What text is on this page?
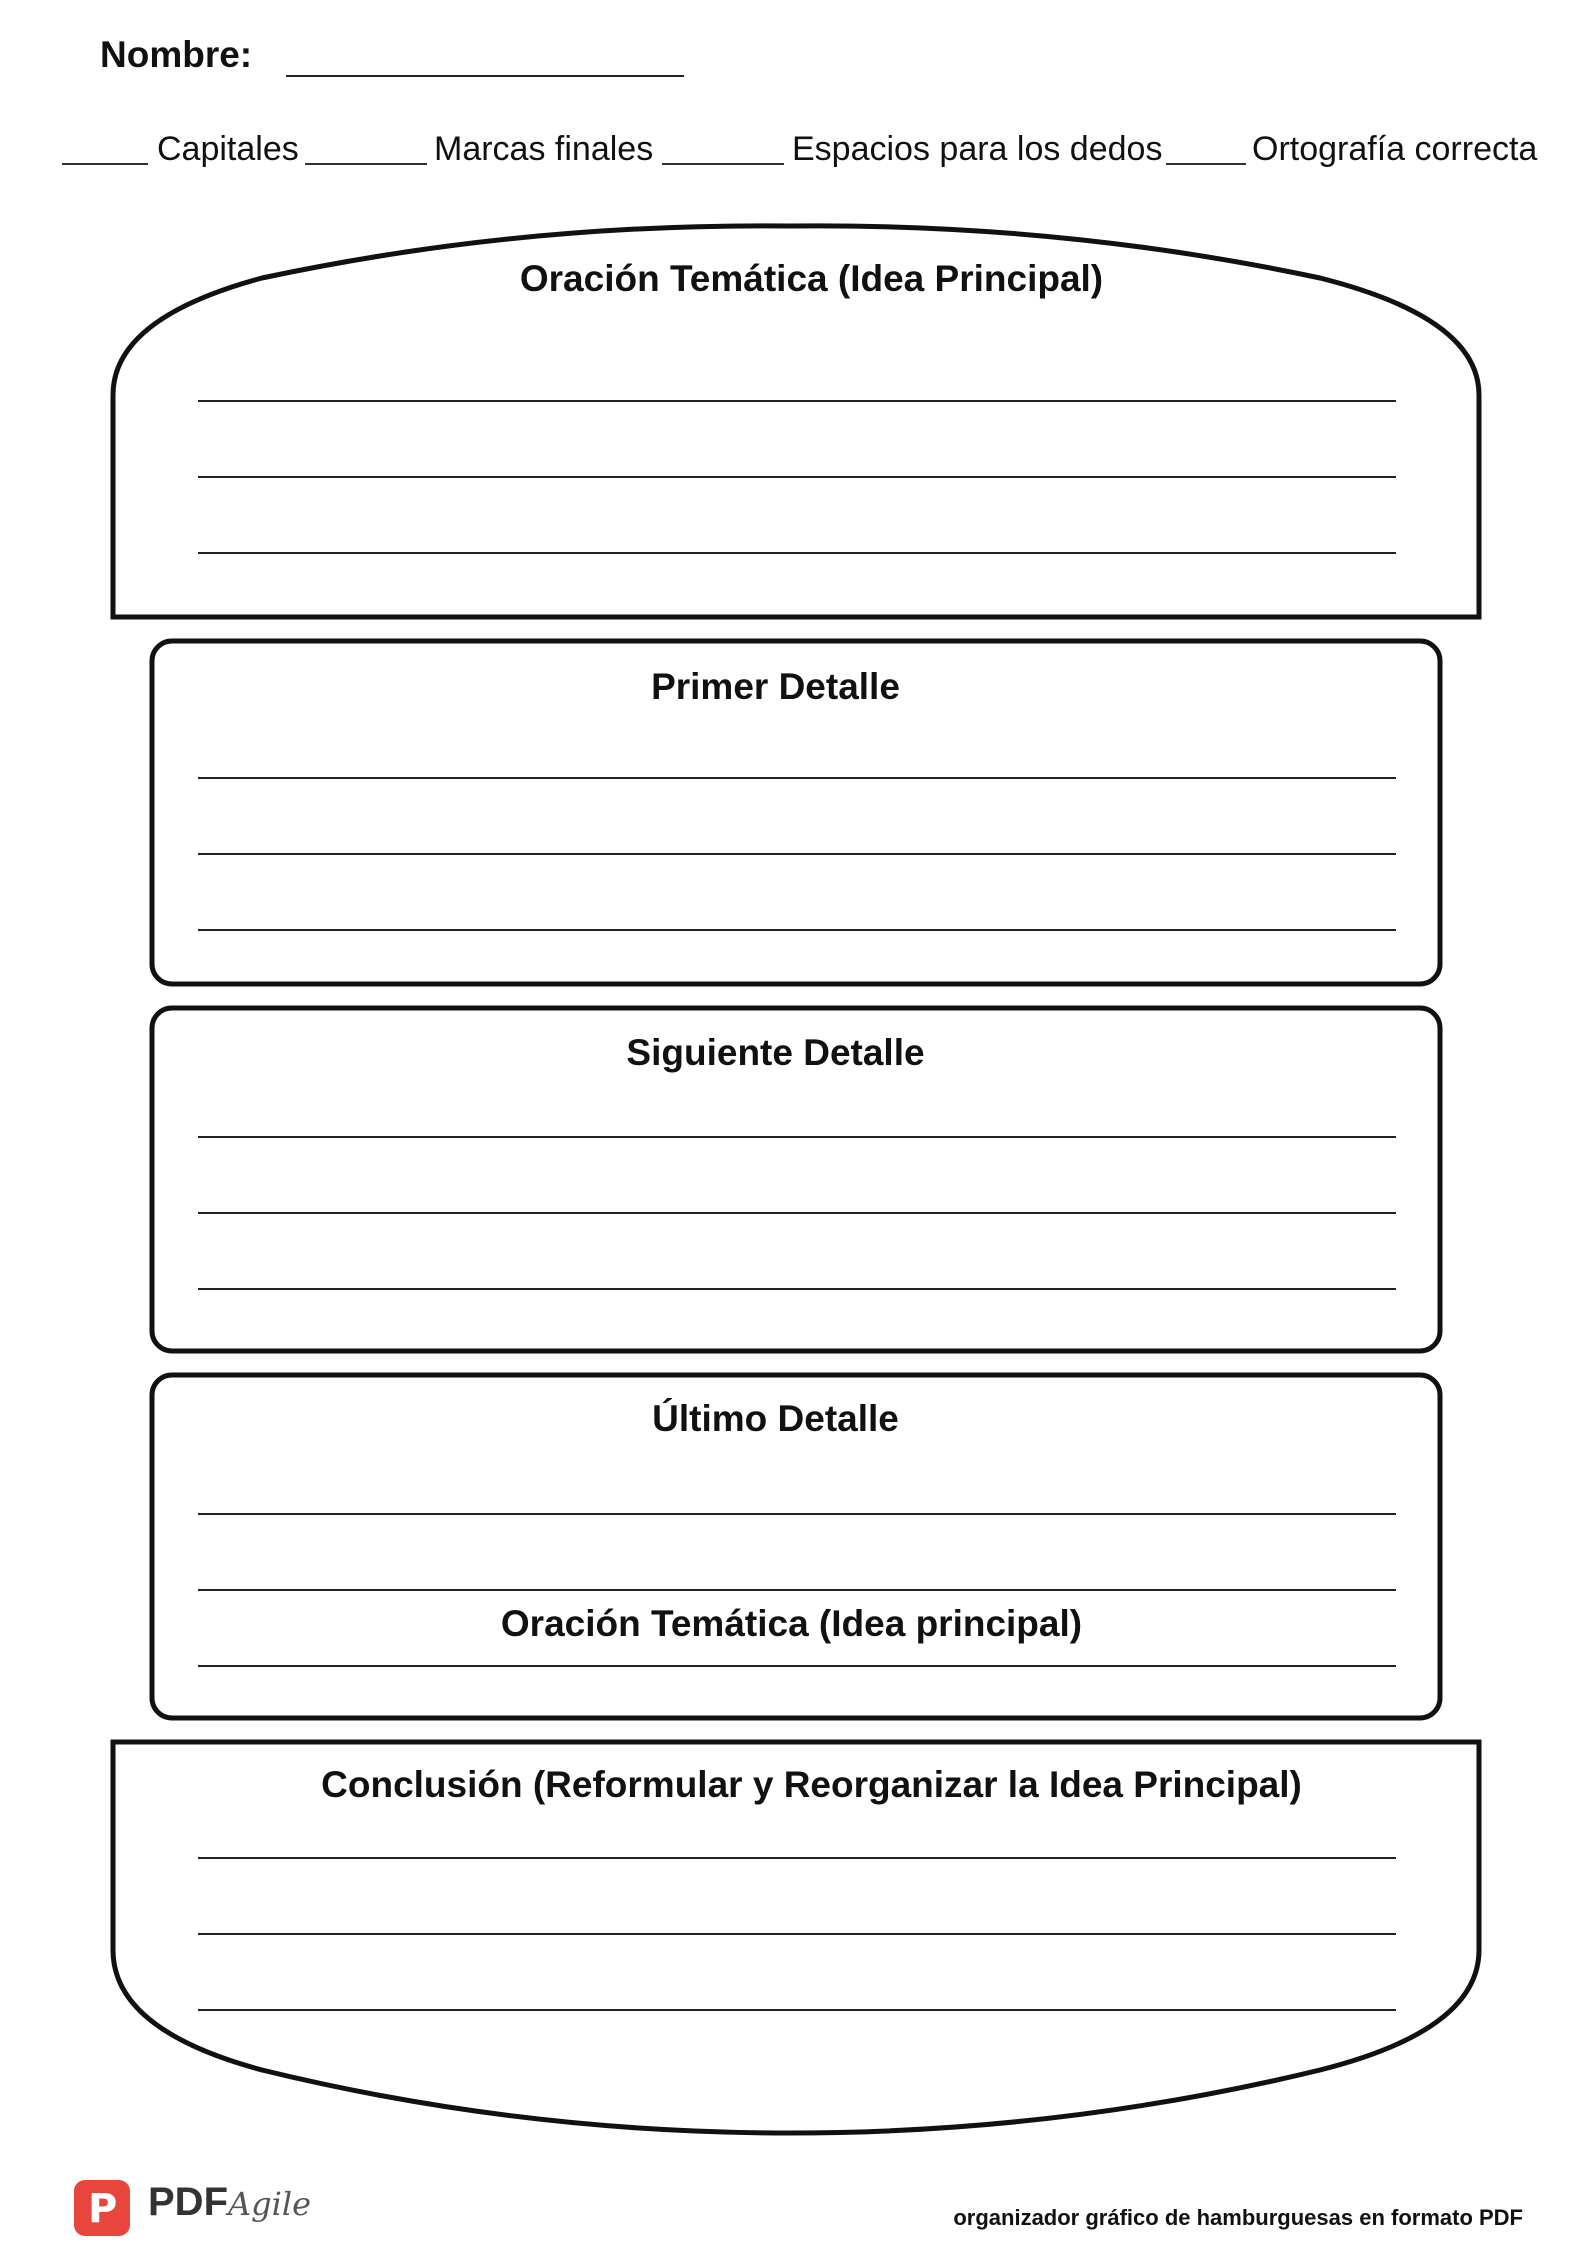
Nombre:
Capitales	Marcas finales	Espacios para los dedos	Ortografía correcta
Oración Temática (Idea Principal)
Primer Detalle
Siguiente Detalle
Último Detalle
Oración Temática (Idea principal)
Conclusión (Reformular y Reorganizar la Idea Principal)
P PDFAgile	organizador gráfico de hamburguesas en formato PDF
